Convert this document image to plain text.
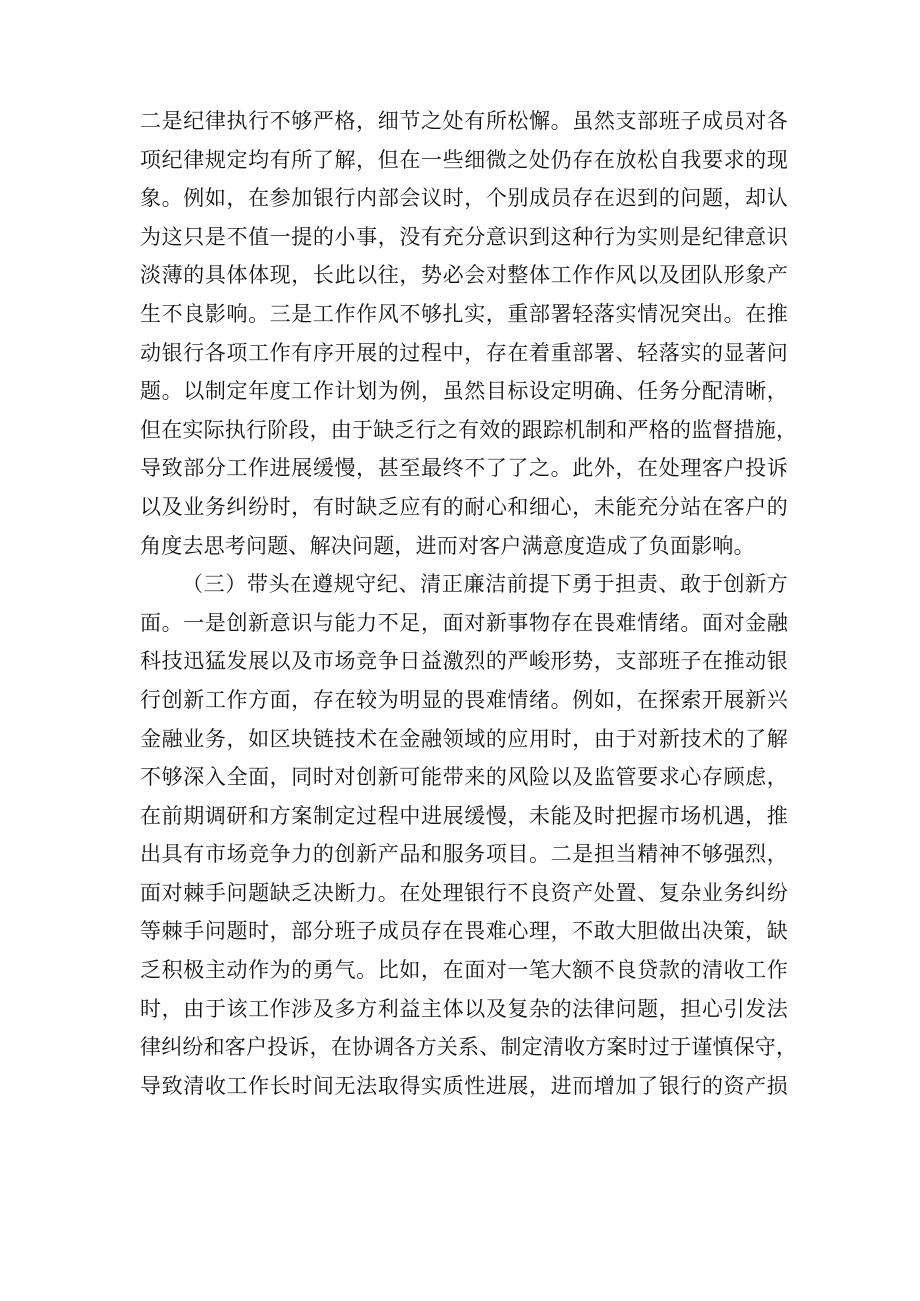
二是纪律执行不够严格，细节之处有所松懈。虽然支部班子成员对各
项纪律规定均有所了解，但在一些细微之处仍存在放松自我要求的现
象。例如，在参加银行内部会议时，个别成员存在迟到的问题，却认
为这只是不值一提的小事，没有充分意识到这种行为实则是纪律意识
淡薄的具体体现，长此以往，势必会对整体工作作风以及团队形象产
生不良影响。三是工作作风不够扎实，重部署轻落实情况突出。在推
动银行各项工作有序开展的过程中，存在着重部署、轻落实的显著问
题。以制定年度工作计划为例，虽然目标设定明确、任务分配清晰，
但在实际执行阶段，由于缺乏行之有效的跟踪机制和严格的监督措施，
导致部分工作进展缓慢，甚至最终不了了之。此外，在处理客户投诉
以及业务纠纷时，有时缺乏应有的耐心和细心，未能充分站在客户的
角度去思考问题、解决问题，进而对客户满意度造成了负面影响。
（三）带头在遵规守纪、清正廉洁前提下勇于担责、敢于创新方
面。一是创新意识与能力不足，面对新事物存在畏难情绪。面对金融
科技迅猛发展以及市场竞争日益激烈的严峻形势，支部班子在推动银
行创新工作方面，存在较为明显的畏难情绪。例如，在探索开展新兴
金融业务，如区块链技术在金融领域的应用时，由于对新技术的了解
不够深入全面，同时对创新可能带来的风险以及监管要求心存顾虑，
在前期调研和方案制定过程中进展缓慢，未能及时把握市场机遇，推
出具有市场竞争力的创新产品和服务项目。二是担当精神不够强烈，
面对棘手问题缺乏决断力。在处理银行不良资产处置、复杂业务纠纷
等棘手问题时，部分班子成员存在畏难心理，不敢大胆做出决策，缺
乏积极主动作为的勇气。比如，在面对一笔大额不良贷款的清收工作
时，由于该工作涉及多方利益主体以及复杂的法律问题，担心引发法
律纠纷和客户投诉，在协调各方关系、制定清收方案时过于谨慎保守，
导致清收工作长时间无法取得实质性进展，进而增加了银行的资产损
